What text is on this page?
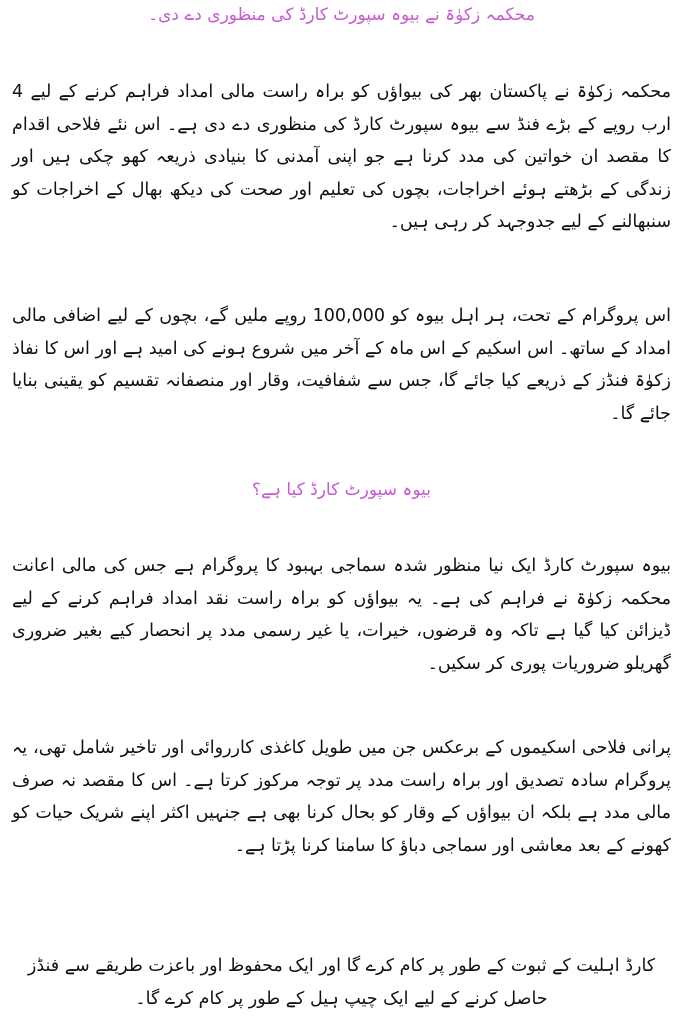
محکمہ زکوٰۃ نے بیوہ سپورٹ کارڈ کی منظوری دے دی۔

محکمہ زکوٰۃ نے پاکستان بھر کی بیواؤں کو براہ راست مالی امداد فراہم کرنے کے لیے 4 ارب روپے کے بڑے فنڈ سے بیوہ سپورٹ کارڈ کی منظوری دے دی ہے۔ اس نئے فلاحی اقدام کا مقصد ان خواتین کی مدد کرنا ہے جو اپنی آمدنی کا بنیادی ذریعہ کھو چکی ہیں اور زندگی کے بڑھتے ہوئے اخراجات، بچوں کی تعلیم اور صحت کی دیکھ بھال کے اخراجات کو سنبھالنے کے لیے جدوجہد کر رہی ہیں۔

اس پروگرام کے تحت، ہر اہل بیوہ کو 100,000 روپے ملیں گے، بچوں کے لیے اضافی مالی امداد کے ساتھ۔ اس اسکیم کے اس ماہ کے آخر میں شروع ہونے کی امید ہے اور اس کا نفاذ زکوٰۃ فنڈز کے ذریعے کیا جائے گا، جس سے شفافیت، وقار اور منصفانہ تقسیم کو یقینی بنایا جائے گا۔

بیوہ سپورٹ کارڈ کیا ہے؟

بیوہ سپورٹ کارڈ ایک نیا منظور شدہ سماجی بہبود کا پروگرام ہے جس کی مالی اعانت محکمہ زکوٰۃ نے فراہم کی ہے۔ یہ بیواؤں کو براہ راست نقد امداد فراہم کرنے کے لیے ڈیزائن کیا گیا ہے تاکہ وہ قرضوں، خیرات، یا غیر رسمی مدد پر انحصار کیے بغیر ضروری گھریلو ضروریات پوری کر سکیں۔

پرانی فلاحی اسکیموں کے برعکس جن میں طویل کاغذی کارروائی اور تاخیر شامل تھی، یہ پروگرام سادہ تصدیق اور براہ راست مدد پر توجہ مرکوز کرتا ہے۔ اس کا مقصد نہ صرف مالی مدد ہے بلکہ ان بیواؤں کے وقار کو بحال کرنا بھی ہے جنہیں اکثر اپنے شریک حیات کو کھونے کے بعد معاشی اور سماجی دباؤ کا سامنا کرنا پڑتا ہے۔

کارڈ اہلیت کے ثبوت کے طور پر کام کرے گا اور ایک محفوظ اور باعزت طریقے سے فنڈز حاصل کرنے کے لیے ایک چیپ ہیل کے طور پر کام کرے گا۔
